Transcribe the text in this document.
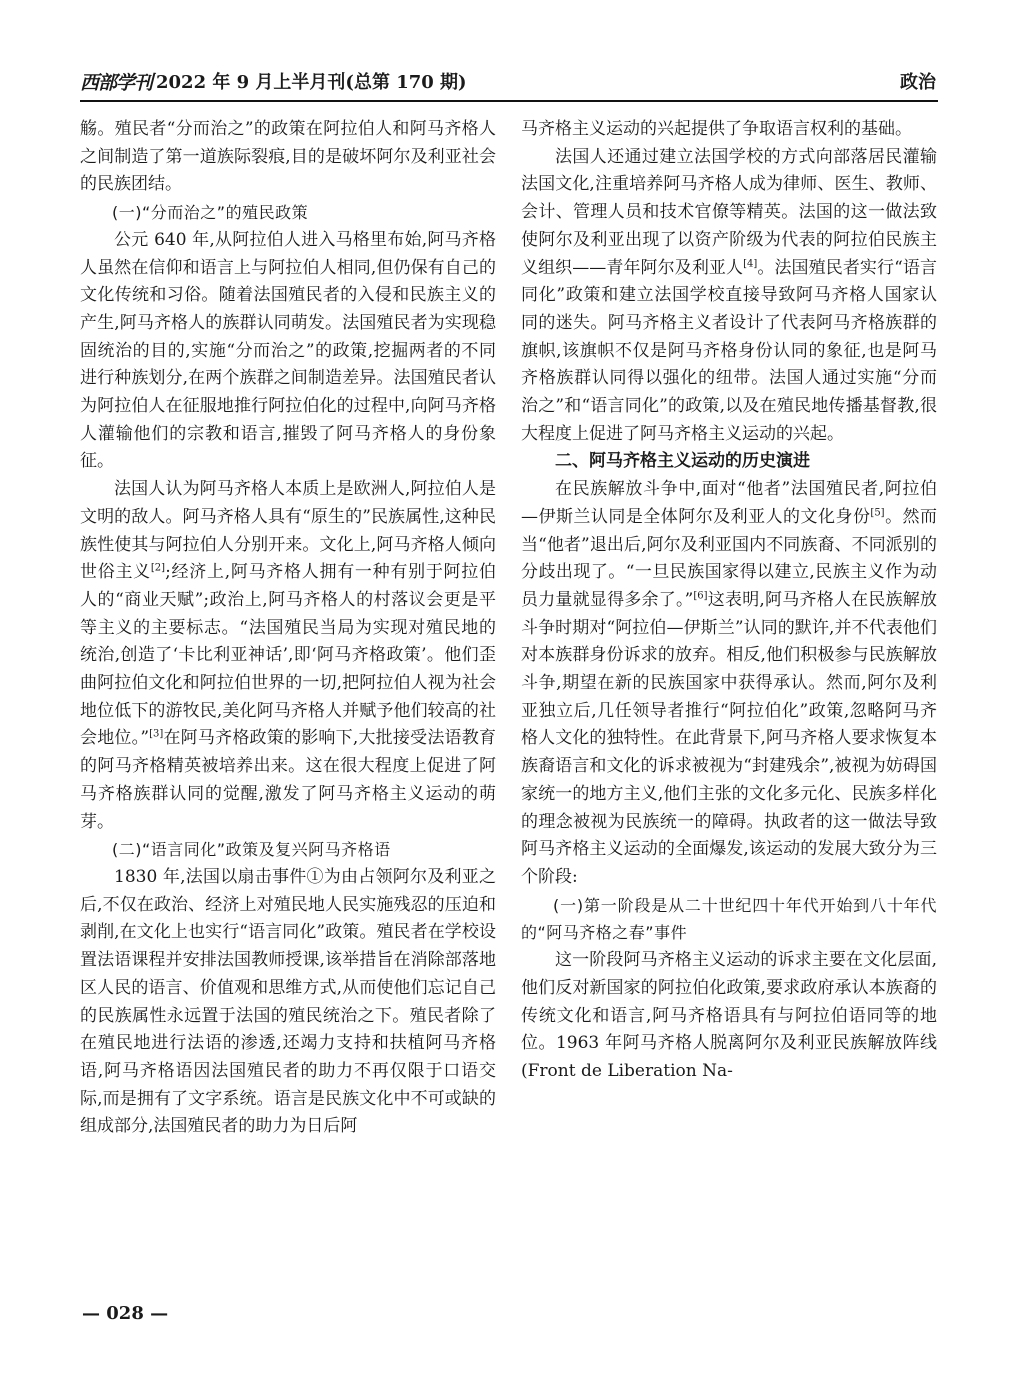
西部学刊 2022 年 9 月上半月刊(总第 170 期)	政治

觞。殖民者“分而治之”的政策在阿拉伯人和阿马齐格人之间制造了第一道族际裂痕,目的是破坏阿尔及利亚社会的民族团结。

(一)“分而治之”的殖民政策

公元 640 年,从阿拉伯人进入马格里布始,阿马齐格人虽然在信仰和语言上与阿拉伯人相同,但仍保有自己的文化传统和习俗。随着法国殖民者的入侵和民族主义的产生,阿马齐格人的族群认同萌发。法国殖民者为实现稳固统治的目的,实施“分而治之”的政策,挖掘两者的不同进行种族划分,在两个族群之间制造差异。法国殖民者认为阿拉伯人在征服地推行阿拉伯化的过程中,向阿马齐格人灌输他们的宗教和语言,摧毁了阿马齐格人的身份象征。

法国人认为阿马齐格人本质上是欧洲人,阿拉伯人是文明的敌人。阿马齐格人具有“原生的”民族属性,这种民族性使其与阿拉伯人分别开来。文化上,阿马齐格人倾向世俗主义[2];经济上,阿马齐格人拥有一种有别于阿拉伯人的“商业天赋”;政治上,阿马齐格人的村落议会更是平等主义的主要标志。“法国殖民当局为实现对殖民地的统治,创造了‘卡比利亚神话’,即‘阿马齐格政策’。他们歪曲阿拉伯文化和阿拉伯世界的一切,把阿拉伯人视为社会地位低下的游牧民,美化阿马齐格人并赋予他们较高的社会地位。”[3]在阿马齐格政策的影响下,大批接受法语教育的阿马齐格精英被培养出来。这在很大程度上促进了阿马齐格族群认同的觉醒,激发了阿马齐格主义运动的萌芽。

(二)“语言同化”政策及复兴阿马齐格语

1830 年,法国以扇击事件①为由占领阿尔及利亚之后,不仅在政治、经济上对殖民地人民实施残忍的压迫和剥削,在文化上也实行“语言同化”政策。殖民者在学校设置法语课程并安排法国教师授课,该举措旨在消除部落地区人民的语言、价值观和思维方式,从而使他们忘记自己的民族属性永远置于法国的殖民统治之下。殖民者除了在殖民地进行法语的渗透,还竭力支持和扶植阿马齐格语,阿马齐格语因法国殖民者的助力不再仅限于口语交际,而是拥有了文字系统。语言是民族文化中不可或缺的组成部分,法国殖民者的助力为日后阿

马齐格主义运动的兴起提供了争取语言权利的基础。

法国人还通过建立法国学校的方式向部落居民灌输法国文化,注重培养阿马齐格人成为律师、医生、教师、会计、管理人员和技术官僚等精英。法国的这一做法致使阿尔及利亚出现了以资产阶级为代表的阿拉伯民族主义组织——青年阿尔及利亚人[4]。法国殖民者实行“语言同化”政策和建立法国学校直接导致阿马齐格人国家认同的迷失。阿马齐格主义者设计了代表阿马齐格族群的旗帜,该旗帜不仅是阿马齐格身份认同的象征,也是阿马齐格族群认同得以强化的纽带。法国人通过实施“分而治之”和“语言同化”的政策,以及在殖民地传播基督教,很大程度上促进了阿马齐格主义运动的兴起。

二、阿马齐格主义运动的历史演进

在民族解放斗争中,面对“他者”法国殖民者,阿拉伯—伊斯兰认同是全体阿尔及利亚人的文化身份[5]。然而当“他者”退出后,阿尔及利亚国内不同族裔、不同派别的分歧出现了。“一旦民族国家得以建立,民族主义作为动员力量就显得多余了。”[6]这表明,阿马齐格人在民族解放斗争时期对“阿拉伯—伊斯兰”认同的默许,并不代表他们对本族群身份诉求的放弃。相反,他们积极参与民族解放斗争,期望在新的民族国家中获得承认。然而,阿尔及利亚独立后,几任领导者推行“阿拉伯化”政策,忽略阿马齐格人文化的独特性。在此背景下,阿马齐格人要求恢复本族裔语言和文化的诉求被视为“封建残余”,被视为妨碍国家统一的地方主义,他们主张的文化多元化、民族多样化的理念被视为民族统一的障碍。执政者的这一做法导致阿马齐格主义运动的全面爆发,该运动的发展大致分为三个阶段:

(一)第一阶段是从二十世纪四十年代开始到八十年代的“阿马齐格之春”事件

这一阶段阿马齐格主义运动的诉求主要在文化层面,他们反对新国家的阿拉伯化政策,要求政府承认本族裔的传统文化和语言,阿马齐格语具有与阿拉伯语同等的地位。1963 年阿马齐格人脱离阿尔及利亚民族解放阵线(Front de Liberation Na-

— 028 —
